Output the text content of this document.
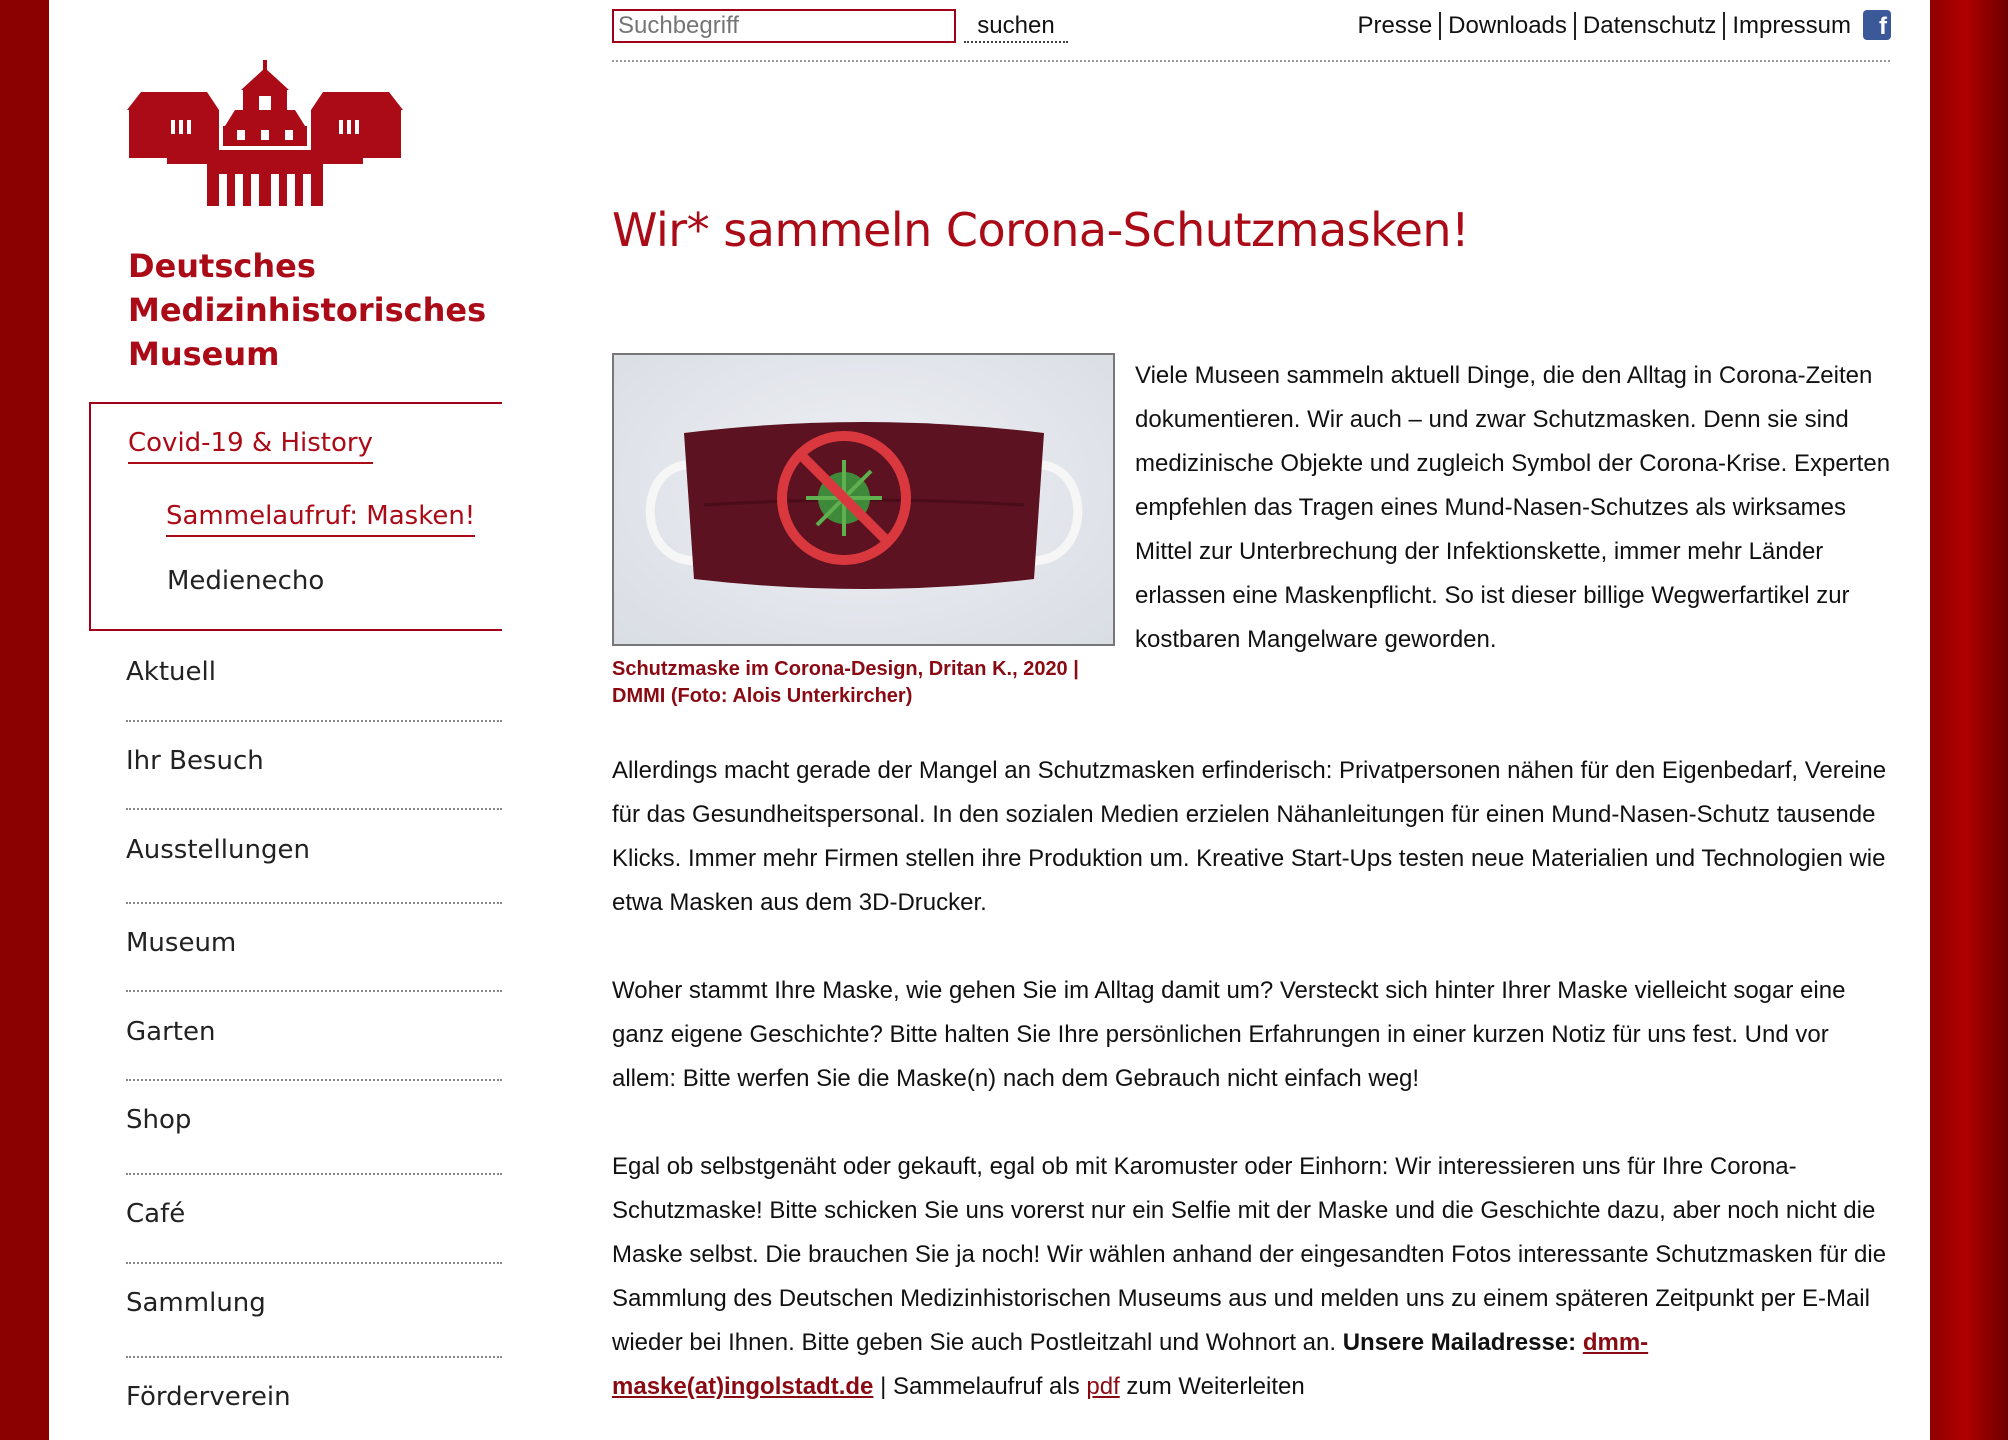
Suchbegriff
suchen	Presse Downloads Datenschutz Impressum	f
Deutsches
Medizinhistorisches
Museum
Covid-19 & History
Sammelaufruf: Masken!
Medienecho
Aktuell
Ihr Besuch
Ausstellungen
Museum
Garten
Shop
Café
Sammlung
Förderverein
Wir* sammeln Corona-Schutzmasken!
Schutzmaske im Corona-Design, Dritan K., 2020 | DMMI (Foto: Alois Unterkircher)
Viele Museen sammeln aktuell Dinge, die den Alltag in Corona-Zeiten dokumentieren. Wir auch – und zwar Schutzmasken. Denn sie sind medizinische Objekte und zugleich Symbol der Corona-Krise. Experten empfehlen das Tragen eines Mund-Nasen-Schutzes als wirksames Mittel zur Unterbrechung der Infektionskette, immer mehr Länder erlassen eine Maskenpflicht. So ist dieser billige Wegwerfartikel zur kostbaren Mangelware geworden.
Allerdings macht gerade der Mangel an Schutzmasken erfinderisch: Privatpersonen nähen für den Eigenbedarf, Vereine für das Gesundheitspersonal. In den sozialen Medien erzielen Nähanleitungen für einen Mund-Nasen-Schutz tausende Klicks. Immer mehr Firmen stellen ihre Produktion um. Kreative Start-Ups testen neue Materialien und Technologien wie etwa Masken aus dem 3D-Drucker.
Woher stammt Ihre Maske, wie gehen Sie im Alltag damit um? Versteckt sich hinter Ihrer Maske vielleicht sogar eine ganz eigene Geschichte? Bitte halten Sie Ihre persönlichen Erfahrungen in einer kurzen Notiz für uns fest. Und vor allem: Bitte werfen Sie die Maske(n) nach dem Gebrauch nicht einfach weg!
Egal ob selbstgenäht oder gekauft, egal ob mit Karomuster oder Einhorn: Wir interessieren uns für Ihre Corona-Schutzmaske! Bitte schicken Sie uns vorerst nur ein Selfie mit der Maske und die Geschichte dazu, aber noch nicht die Maske selbst. Die brauchen Sie ja noch! Wir wählen anhand der eingesandten Fotos interessante Schutzmasken für die Sammlung des Deutschen Medizinhistorischen Museums aus und melden uns zu einem späteren Zeitpunkt per E-Mail wieder bei Ihnen. Bitte geben Sie auch Postleitzahl und Wohnort an. Unsere Mailadresse: dmm-maske(at)ingolstadt.de | Sammelaufruf als pdf zum Weiterleiten
